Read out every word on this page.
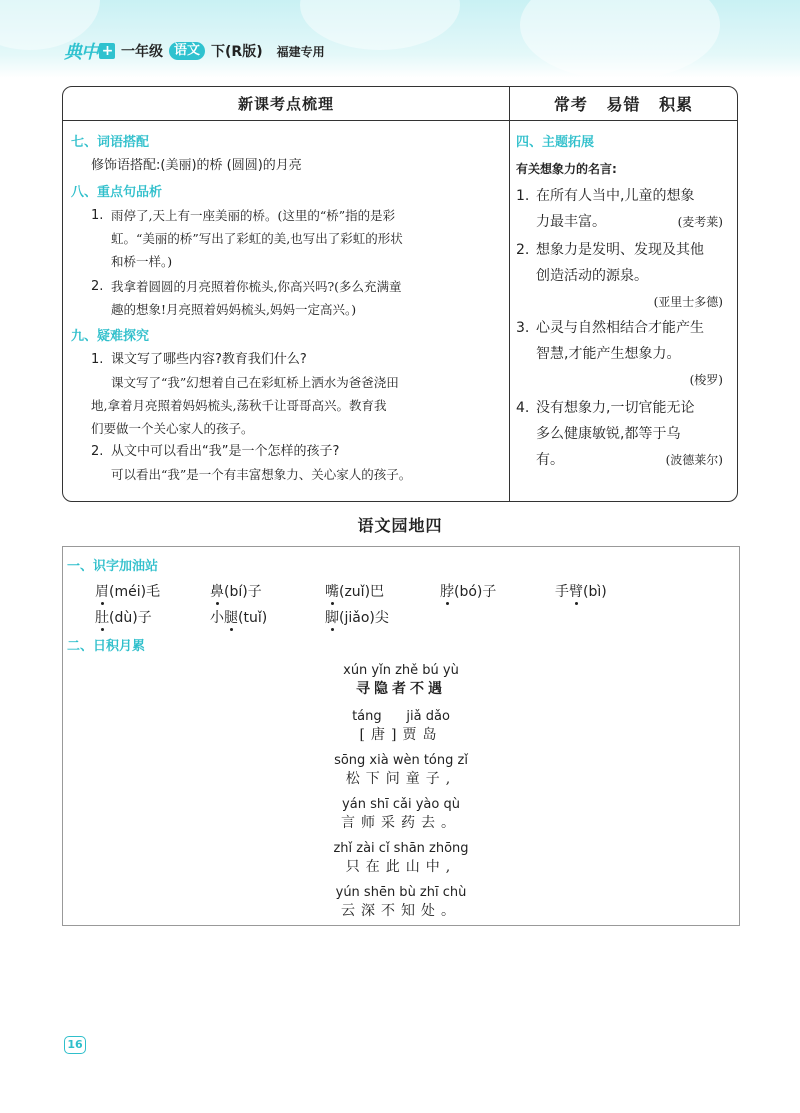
典中 + 一年级 语文 下(R版) 福建专用
新课考点梳理
七、词语搭配
修饰语搭配:(美丽)的桥 (圆圆)的月亮
八、重点句品析
1. 雨停了,天上有一座美丽的桥。(这里的“桥”指的是彩
虹。“美丽的桥”写出了彩虹的美,也写出了彩虹的形状
和桥一样。)
2. 我拿着圆圆的月亮照着你梳头,你高兴吗?(多么充满童
趣的想象!月亮照着妈妈梳头,妈妈一定高兴。)
九、疑难探究
1. 课文写了哪些内容?教育我们什么?
课文写了“我”幻想着自己在彩虹桥上洒水为爸爸浇田
地,拿着月亮照着妈妈梳头,荡秋千让哥哥高兴。教育我
们要做一个关心家人的孩子。
2. 从文中可以看出“我”是一个怎样的孩子?
可以看出“我”是一个有丰富想象力、关心家人的孩子。
常考 易错 积累
四、主题拓展
有关想象力的名言:
1. 在所有人当中,儿童的想象
力最丰富。	(麦考莱)
2. 想象力是发明、发现及其他
创造活动的源泉。
(亚里士多德)
3. 心灵与自然相结合才能产生
智慧,才能产生想象力。
(梭罗)
4. 没有想象力,一切官能无论
多么健康敏锐,都等于乌
有。	(波德莱尔)
语文园地四
一、识字加油站
眉(méi)毛	鼻(bí)子	嘴(zuǐ)巴	脖(bó)子	手臂(bì)
肚(dù)子	小腿(tuǐ)	脚(jiǎo)尖
二、日积月累
xún yǐn zhě bú yù
寻隐者不遇
táng      jiǎ dǎo
[唐]贾岛
sōng xià wèn tóng zǐ
松下问童子,
yán shī cǎi yào qù
言师采药去。
zhǐ zài cǐ shān zhōng
只在此山中,
yún shēn bù zhī chù
云深不知处。
16
